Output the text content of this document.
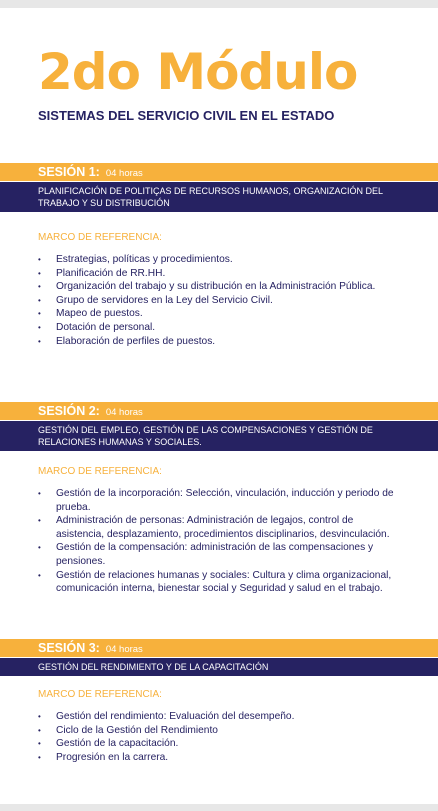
2do Módulo
SISTEMAS DEL SERVICIO CIVIL EN EL ESTADO
SESIÓN 1: 04 horas
PLANIFICACIÓN DE POLITIÇAS DE RECURSOS HUMANOS, ORGANIZACIÓN DEL TRABAJO Y SU DISTRIBUCIÓN

MARCO DE REFERENCIA:

• Estrategias, políticas y procedimientos.
• Planificación de RR.HH.
• Organización del trabajo y su distribución en la Administración Pública.
• Grupo de servidores en la Ley del Servicio Civil.
• Mapeo de puestos.
• Dotación de personal.
• Elaboración de perfiles de puestos.
SESIÓN 2: 04 horas
GESTIÓN DEL EMPLEO, GESTIÓN DE LAS COMPENSACIONES Y GESTIÓN DE RELACIONES HUMANAS Y SOCIALES.

MARCO DE REFERENCIA:

• Gestión de la incorporación: Selección, vinculación, inducción y periodo de prueba.
• Administración de personas: Administración de legajos, control de asistencia, desplazamiento, procedimientos disciplinarios, desvinculación.
• Gestión de la compensación: administración de las compensaciones y pensiones.
• Gestión de relaciones humanas y sociales: Cultura y clima organizacional, comunicación interna, bienestar social y Seguridad y salud en el trabajo.
SESIÓN 3: 04 horas
GESTIÓN DEL RENDIMIENTO Y DE LA CAPACITACIÓN

MARCO DE REFERENCIA:

• Gestión del rendimiento: Evaluación del desempeño.
• Ciclo de la Gestión del Rendimiento
• Gestión de la capacitación.
• Progresión en la carrera.
